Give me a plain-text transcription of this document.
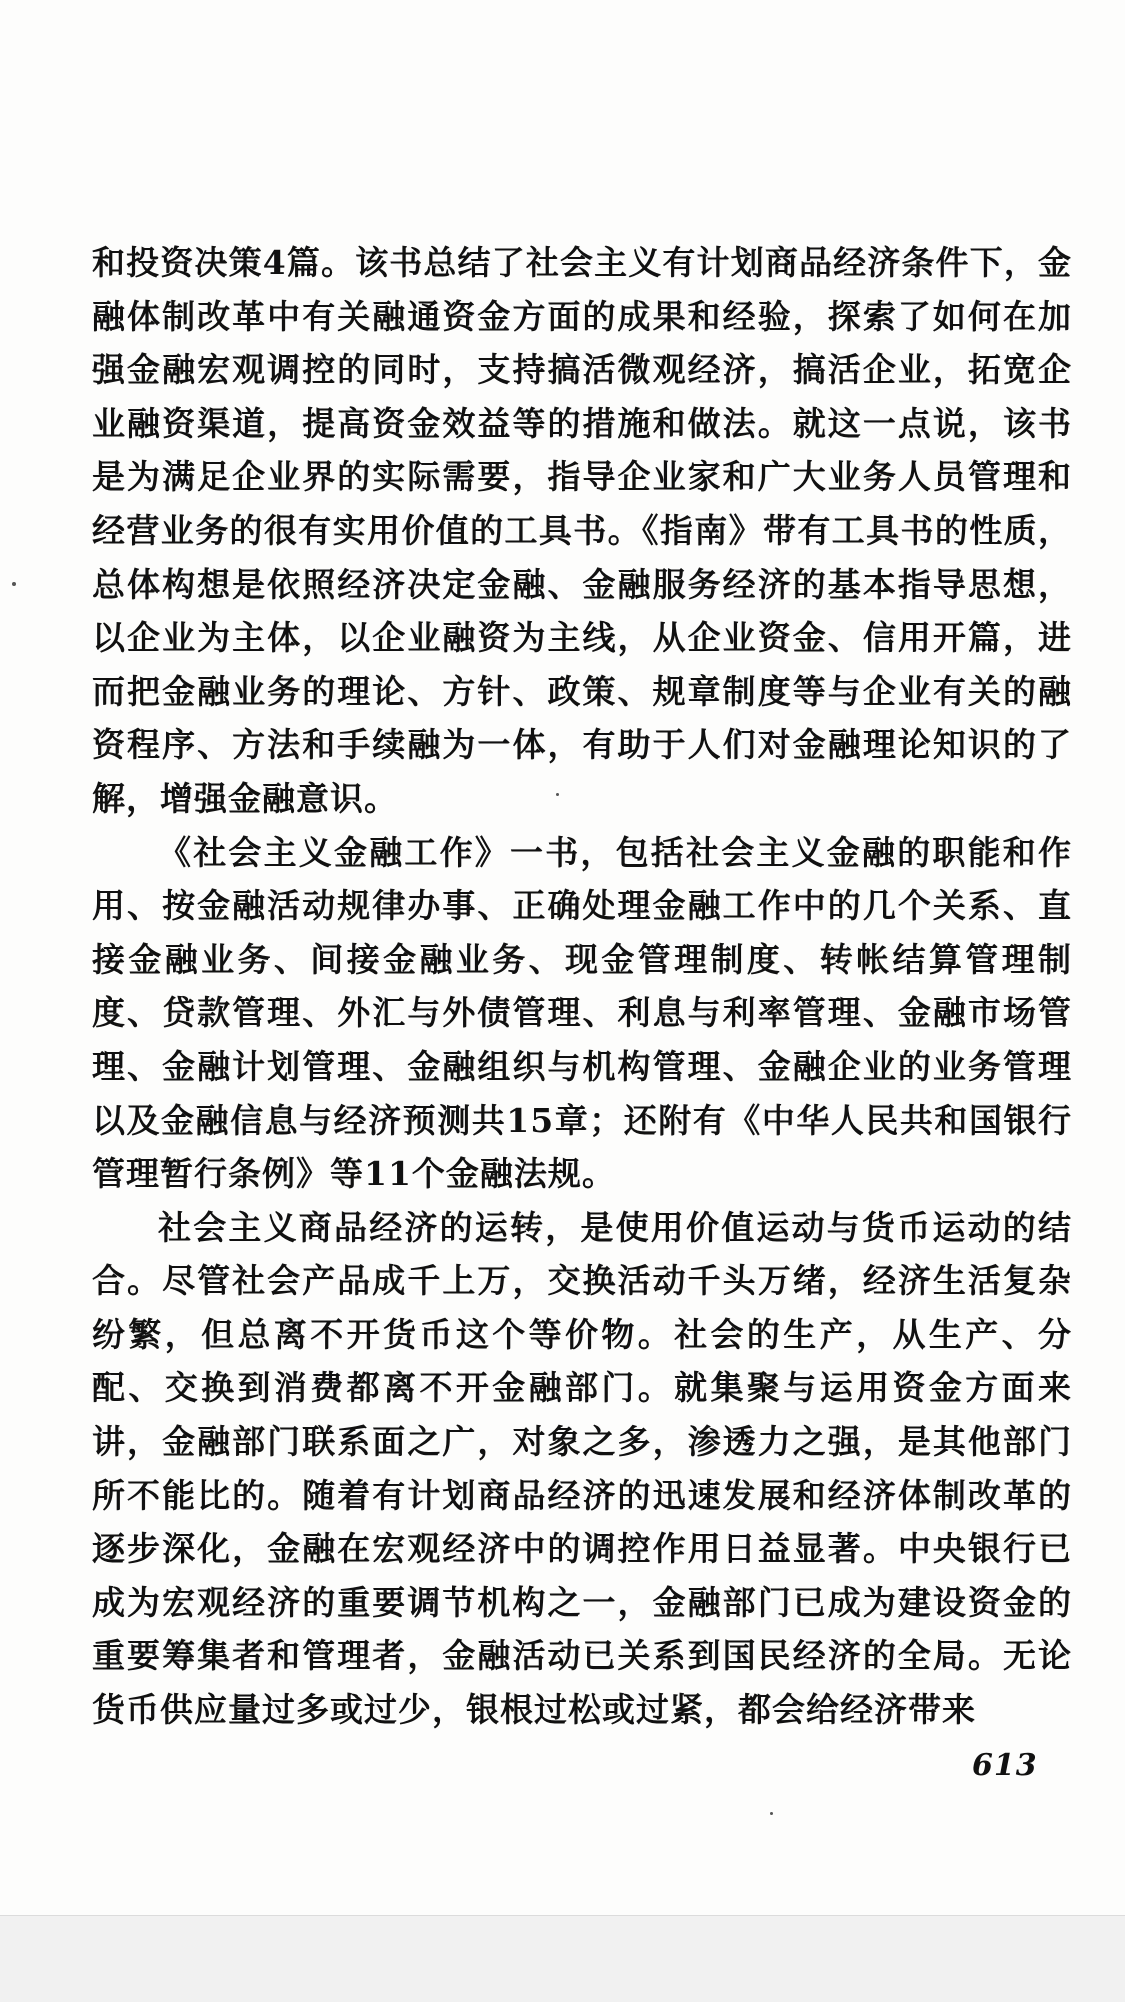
和投资决策4篇。该书总结了社会主义有计划商品经济条件下，金融体制改革中有关融通资金方面的成果和经验，探索了如何在加强金融宏观调控的同时，支持搞活微观经济，搞活企业，拓宽企业融资渠道，提高资金效益等的措施和做法。就这一点说，该书是为满足企业界的实际需要，指导企业家和广大业务人员管理和经营业务的很有实用价值的工具书。《指南》带有工具书的性质，总体构想是依照经济决定金融、金融服务经济的基本指导思想，以企业为主体，以企业融资为主线，从企业资金、信用开篇，进而把金融业务的理论、方针、政策、规章制度等与企业有关的融资程序、方法和手续融为一体，有助于人们对金融理论知识的了解，增强金融意识。

《社会主义金融工作》一书，包括社会主义金融的职能和作用、按金融活动规律办事、正确处理金融工作中的几个关系、直接金融业务、间接金融业务、现金管理制度、转帐结算管理制度、贷款管理、外汇与外债管理、利息与利率管理、金融市场管理、金融计划管理、金融组织与机构管理、金融企业的业务管理以及金融信息与经济预测共15章；还附有《中华人民共和国银行管理暂行条例》等11个金融法规。

社会主义商品经济的运转，是使用价值运动与货币运动的结合。尽管社会产品成千上万，交换活动千头万绪，经济生活复杂纷繁，但总离不开货币这个等价物。社会的生产，从生产、分配、交换到消费都离不开金融部门。就集聚与运用资金方面来讲，金融部门联系面之广，对象之多，渗透力之强，是其他部门所不能比的。随着有计划商品经济的迅速发展和经济体制改革的逐步深化，金融在宏观经济中的调控作用日益显著。中央银行已成为宏观经济的重要调节机构之一，金融部门已成为建设资金的重要筹集者和管理者，金融活动已关系到国民经济的全局。无论货币供应量过多或过少，银根过松或过紧，都会给经济带来

613
